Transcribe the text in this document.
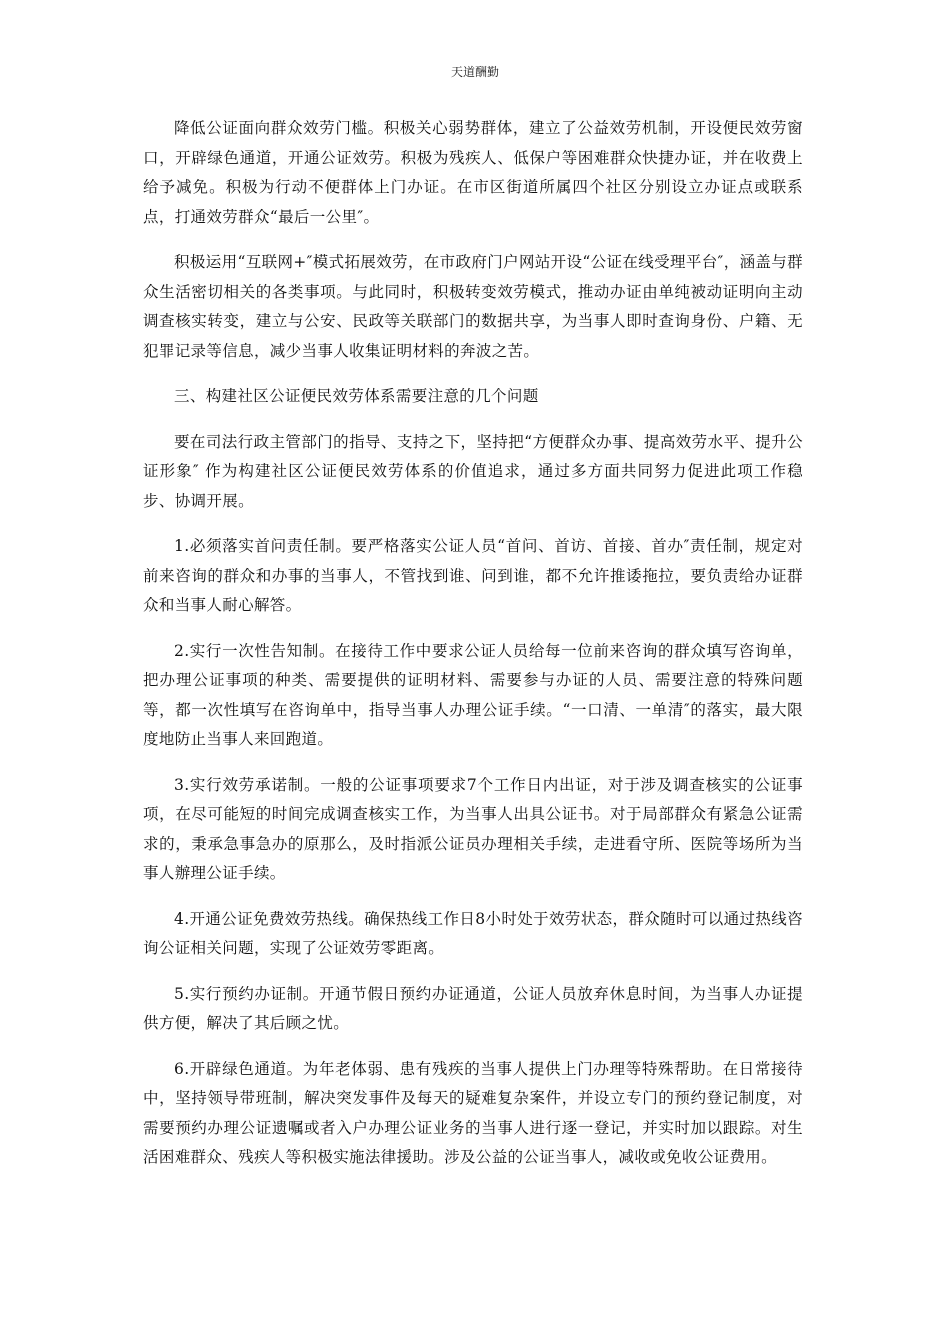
天道酬勤

降低公证面向群众效劳门槛。积极关心弱势群体，建立了公益效劳机制，开设便民效劳窗口，开辟绿色通道，开通公证效劳。积极为残疾人、低保户等困难群众快捷办证，并在收费上给予减免。积极为行动不便群体上门办证。在市区街道所属四个社区分别设立办证点或联系点，打通效劳群众“最后一公里″。

积极运用“互联网+″模式拓展效劳，在市政府门户网站开设“公证在线受理平台″，涵盖与群众生活密切相关的各类事项。与此同时，积极转变效劳模式，推动办证由单纯被动证明向主动调查核实转变，建立与公安、民政等关联部门的数据共享，为当事人即时查询身份、户籍、无犯罪记录等信息，减少当事人收集证明材料的奔波之苦。

三、构建社区公证便民效劳体系需要注意的几个问题

要在司法行政主管部门的指导、支持之下，坚持把“方便群众办事、提高效劳水平、提升公证形象″ 作为构建社区公证便民效劳体系的价值追求，通过多方面共同努力促进此项工作稳步、协调开展。

1.必须落实首问责任制。要严格落实公证人员“首问、首访、首接、首办″责任制，规定对前来咨询的群众和办事的当事人，不管找到谁、问到谁，都不允许推诿拖拉，要负责给办证群众和当事人耐心解答。

2.实行一次性告知制。在接待工作中要求公证人员给每一位前来咨询的群众填写咨询单，把办理公证事项的种类、需要提供的证明材料、需要参与办证的人员、需要注意的特殊问题等，都一次性填写在咨询单中，指导当事人办理公证手续。“一口清、一单清″的落实，最大限度地防止当事人来回跑道。

3.实行效劳承诺制。一般的公证事项要求7个工作日内出证，对于涉及调查核实的公证事项，在尽可能短的时间完成调查核实工作，为当事人出具公证书。对于局部群众有紧急公证需求的，秉承急事急办的原那么，及时指派公证员办理相关手续，走进看守所、医院等场所为当事人辦理公证手续。

4.开通公证免费效劳热线。确保热线工作日8小时处于效劳状态，群众随时可以通过热线咨询公证相关问题，实现了公证效劳零距离。

5.实行预约办证制。开通节假日预约办证通道，公证人员放弃休息时间，为当事人办证提供方便，解决了其后顾之忧。

6.开辟绿色通道。为年老体弱、患有残疾的当事人提供上门办理等特殊帮助。在日常接待中，坚持领导带班制，解决突发事件及每天的疑难复杂案件，并设立专门的预约登记制度，对需要预约办理公证遗嘱或者入户办理公证业务的当事人进行逐一登记，并实时加以跟踪。对生活困难群众、残疾人等积极实施法律援助。涉及公益的公证当事人，减收或免收公证费用。
